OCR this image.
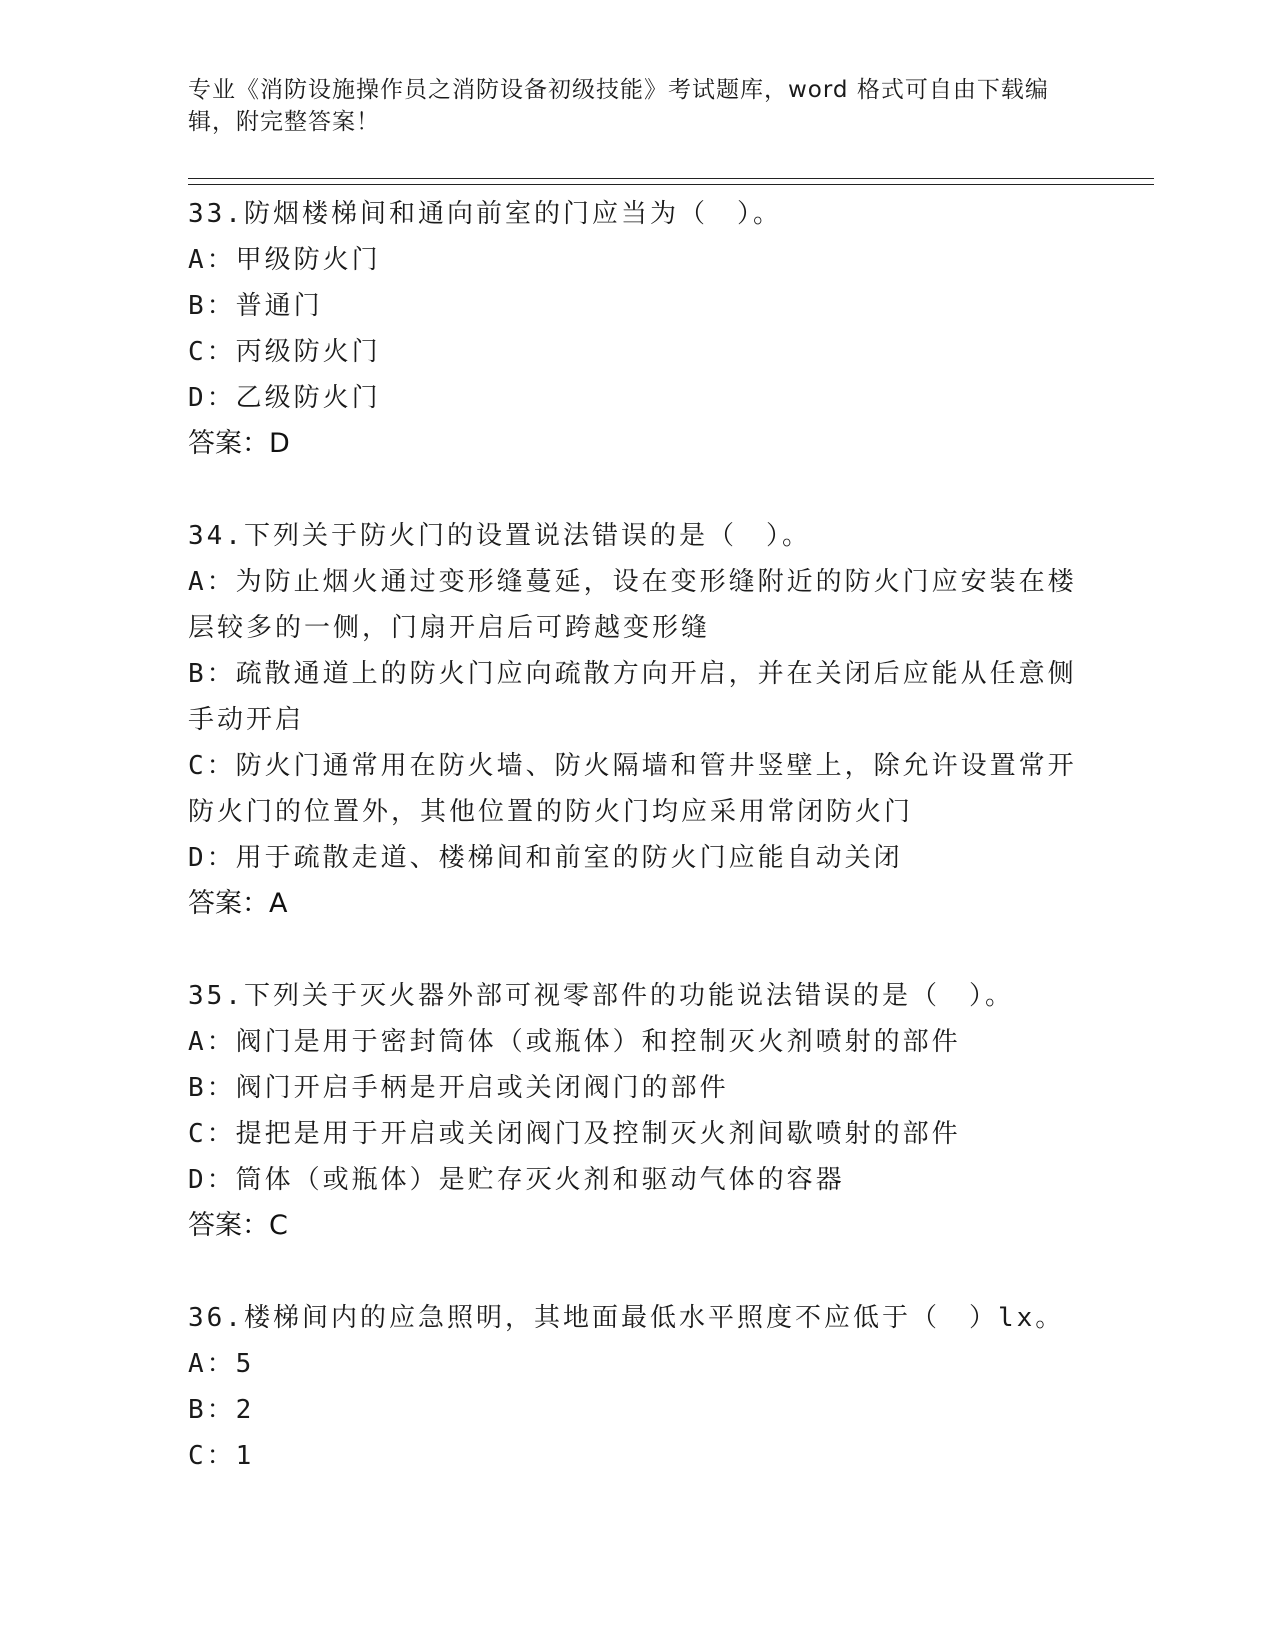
专业《消防设施操作员之消防设备初级技能》考试题库，word 格式可自由下载编辑，附完整答案！
33.防烟楼梯间和通向前室的门应当为（　）。
A：甲级防火门
B：普通门
C：丙级防火门
D：乙级防火门
答案：D
34.下列关于防火门的设置说法错误的是（　）。
A：为防止烟火通过变形缝蔓延，设在变形缝附近的防火门应安装在楼层较多的一侧，门扇开启后可跨越变形缝
B：疏散通道上的防火门应向疏散方向开启，并在关闭后应能从任意侧手动开启
C：防火门通常用在防火墙、防火隔墙和管井竖壁上，除允许设置常开防火门的位置外，其他位置的防火门均应采用常闭防火门
D：用于疏散走道、楼梯间和前室的防火门应能自动关闭
答案：A
35.下列关于灭火器外部可视零部件的功能说法错误的是（　）。
A：阀门是用于密封筒体（或瓶体）和控制灭火剂喷射的部件
B：阀门开启手柄是开启或关闭阀门的部件
C：提把是用于开启或关闭阀门及控制灭火剂间歇喷射的部件
D：筒体（或瓶体）是贮存灭火剂和驱动气体的容器
答案：C
36.楼梯间内的应急照明，其地面最低水平照度不应低于（　）lx。
A：5
B：2
C：1
